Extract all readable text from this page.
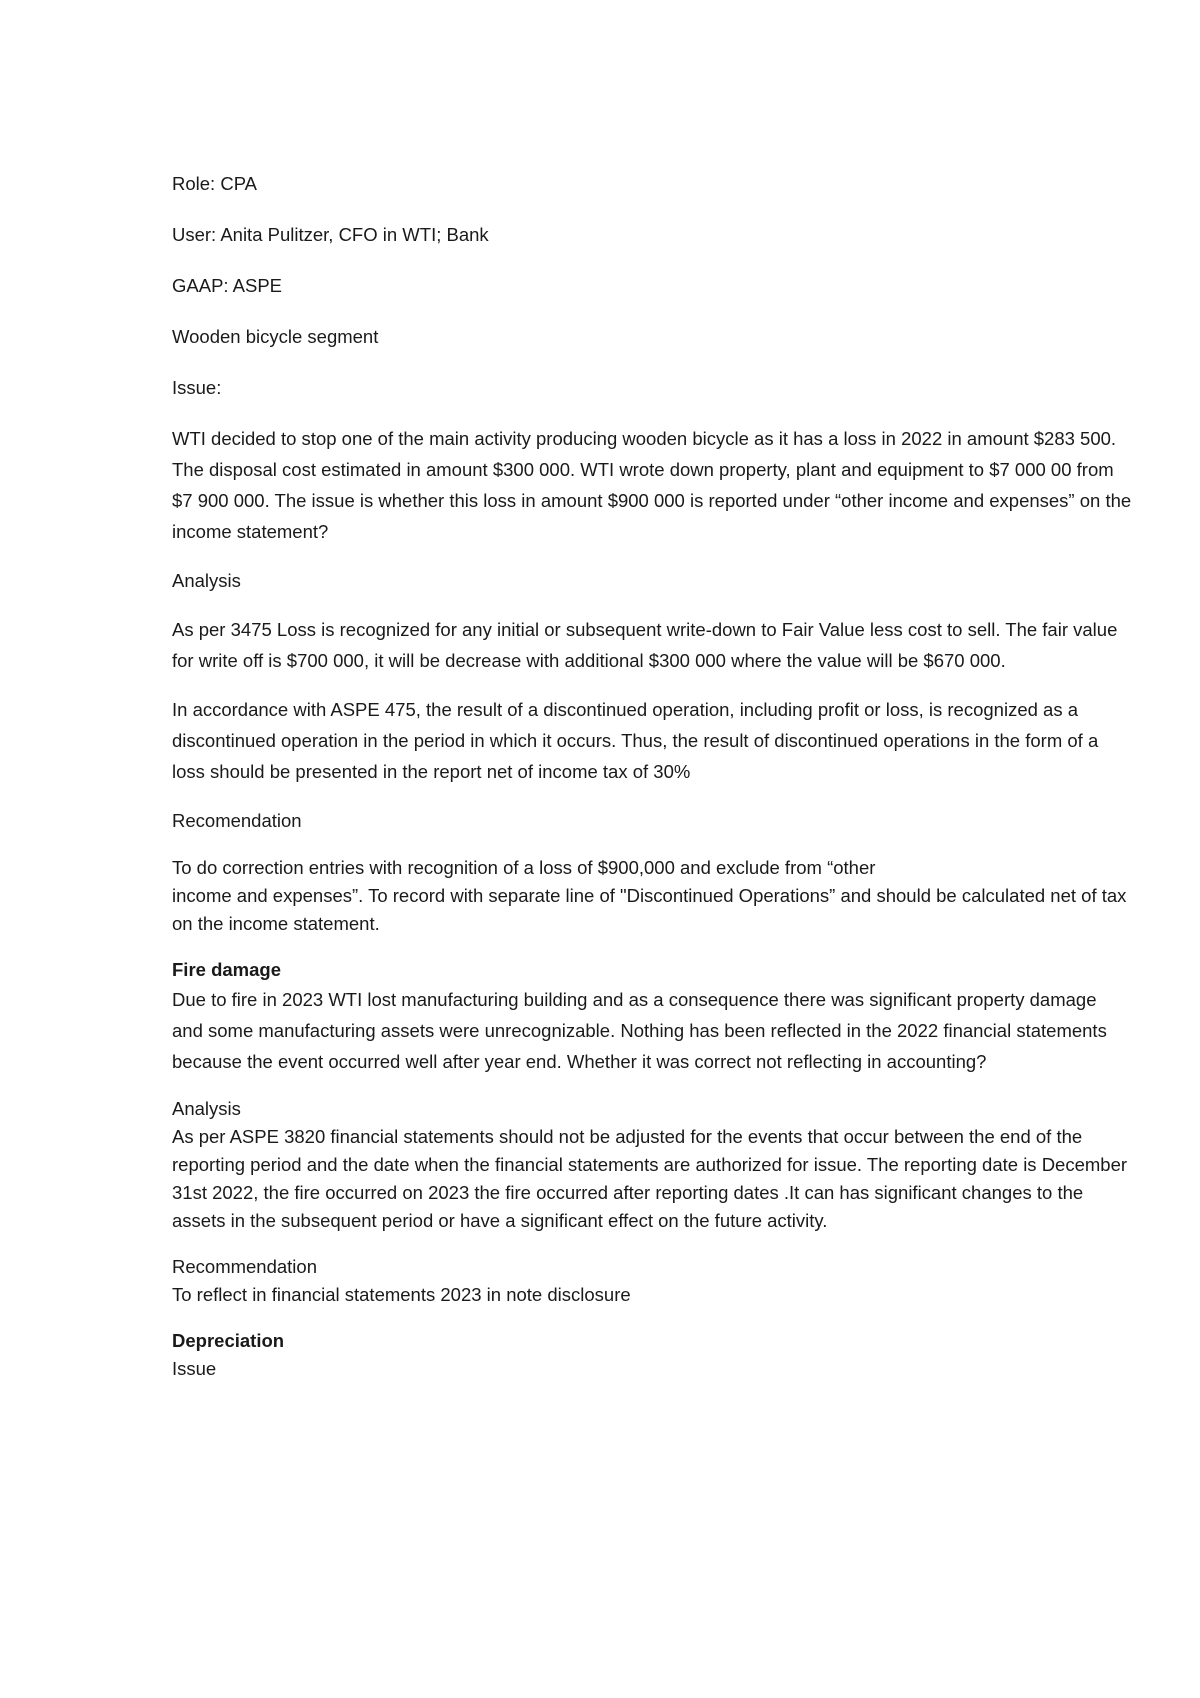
Role: CPA

User: Anita Pulitzer, CFO in WTI; Bank

GAAP: ASPE

Wooden bicycle segment

Issue:

WTI decided to stop one of the main activity producing wooden bicycle as it has a loss in 2022 in amount $283 500. The disposal cost estimated in amount $300 000. WTI wrote down property, plant and equipment to $7 000 00 from $7 900 000. The issue is whether this loss in amount $900 000 is reported under “other income and expenses” on the income statement?

Analysis

As per 3475 Loss is recognized for any initial or subsequent write-down to Fair Value less cost to sell. The fair value for write off is $700 000, it will be decrease with additional $300 000 where the value will be $670 000.

In accordance with ASPE 475, the result of a discontinued operation, including profit or loss, is recognized as a discontinued operation in the period in which it occurs. Thus, the result of discontinued operations in the form of a loss should be presented in the report net of income tax of 30%

Recomendation

To do correction entries with recognition of a loss of $900,000 and exclude from “other

income and expenses”. To record with separate line of "Discontinued Operations” and should be calculated net of tax on the income statement.

Fire damage

Due to fire in 2023 WTI lost manufacturing building and as a consequence there was significant property damage and some manufacturing assets were unrecognizable. Nothing has been reflected in the 2022 financial statements because the event occurred well after year end. Whether it was correct not reflecting in accounting?

Analysis

As per ASPE 3820 financial statements should not be adjusted for the events that occur between the end of the reporting period and the date when the financial statements are authorized for issue. The reporting date is December 31st 2022, the fire occurred on 2023 the fire occurred after reporting dates .It can has significant changes to the assets in the subsequent period or have a significant effect on the future activity.

Recommendation

To reflect in financial statements 2023 in note disclosure

Depreciation

Issue
